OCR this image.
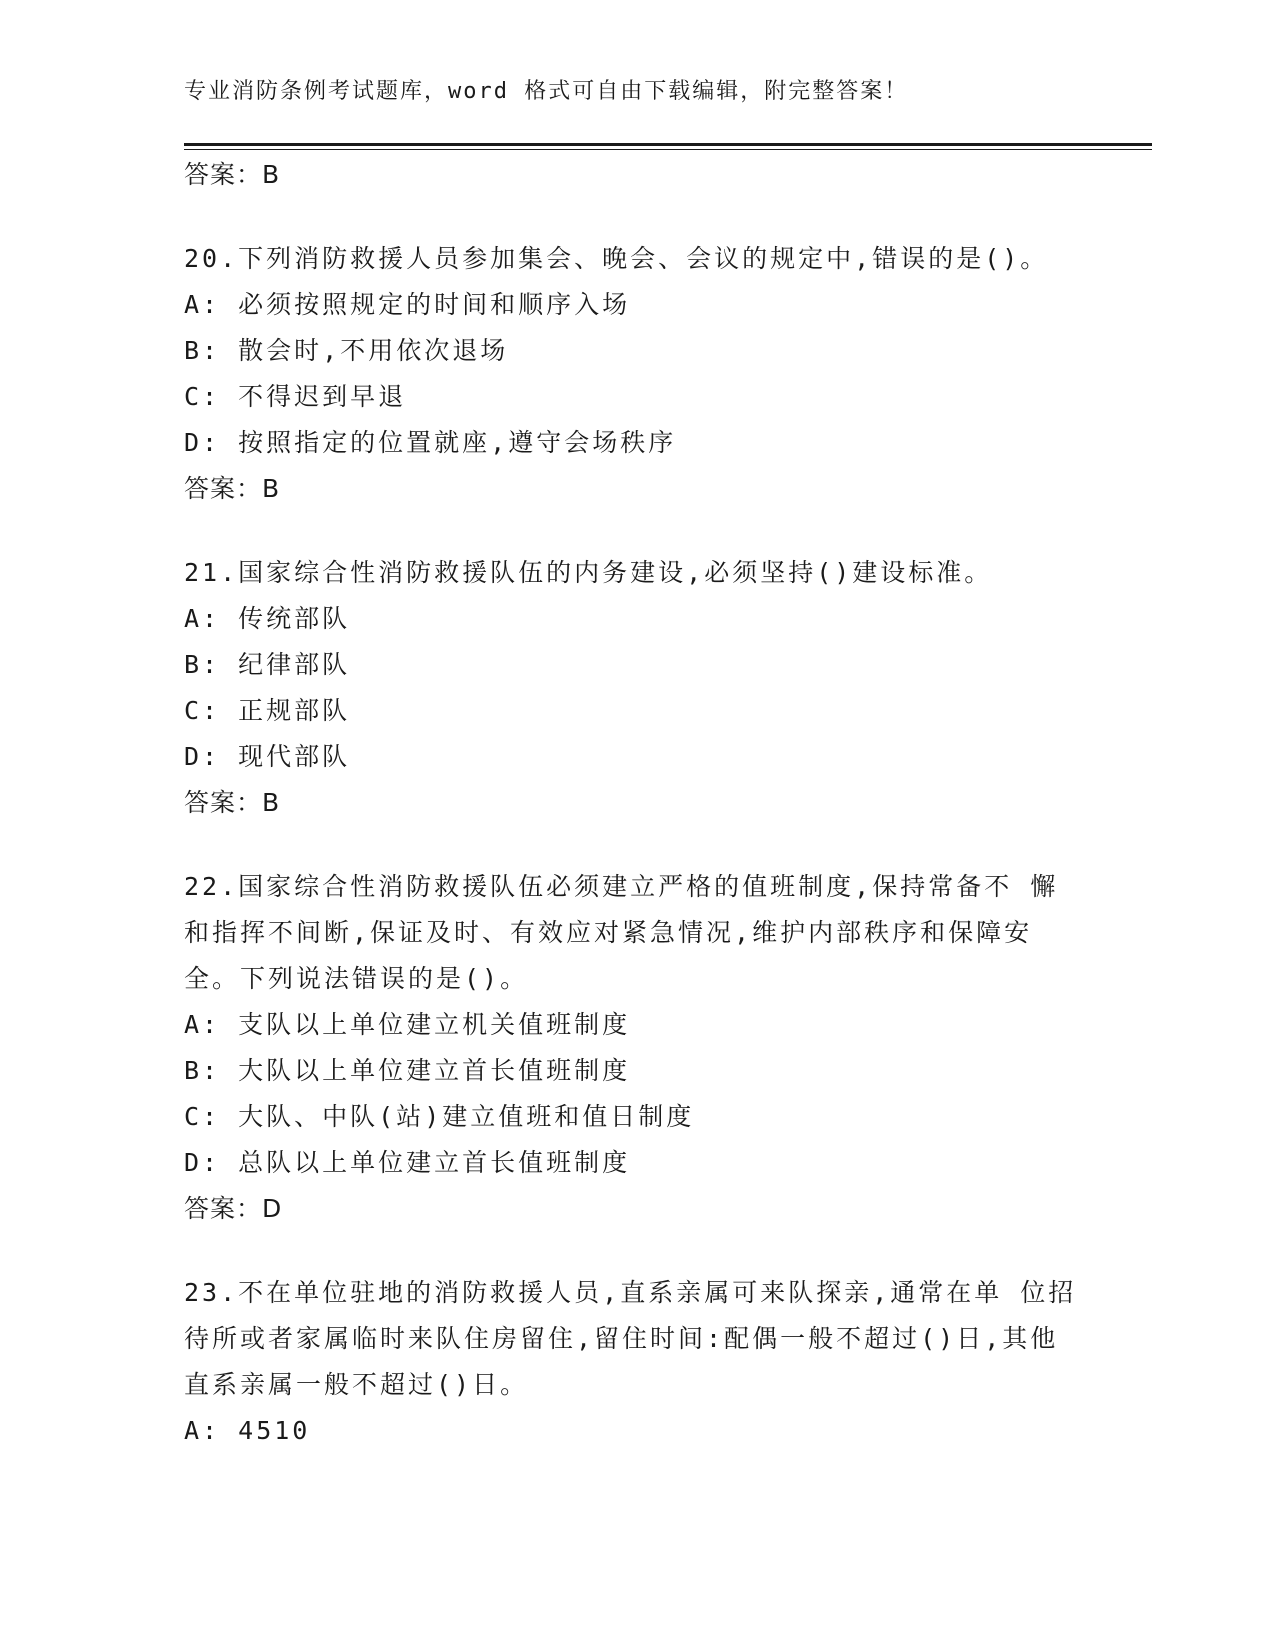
专业消防条例考试题库，word 格式可自由下载编辑，附完整答案！
答案：B
20.下列消防救援人员参加集会、晚会、会议的规定中,错误的是()。
A: 必须按照规定的时间和顺序入场
B: 散会时,不用依次退场
C: 不得迟到早退
D: 按照指定的位置就座,遵守会场秩序
答案：B
21.国家综合性消防救援队伍的内务建设,必须坚持()建设标准。
A: 传统部队
B: 纪律部队
C: 正规部队
D: 现代部队
答案：B
22.国家综合性消防救援队伍必须建立严格的值班制度,保持常备不 懈和指挥不间断,保证及时、有效应对紧急情况,维护内部秩序和保障安全。下列说法错误的是()。
A: 支队以上单位建立机关值班制度
B: 大队以上单位建立首长值班制度
C: 大队、中队(站)建立值班和值日制度
D: 总队以上单位建立首长值班制度
答案：D
23.不在单位驻地的消防救援人员,直系亲属可来队探亲,通常在单 位招待所或者家属临时来队住房留住,留住时间:配偶一般不超过()日,其他直系亲属一般不超过()日。
A: 4510
